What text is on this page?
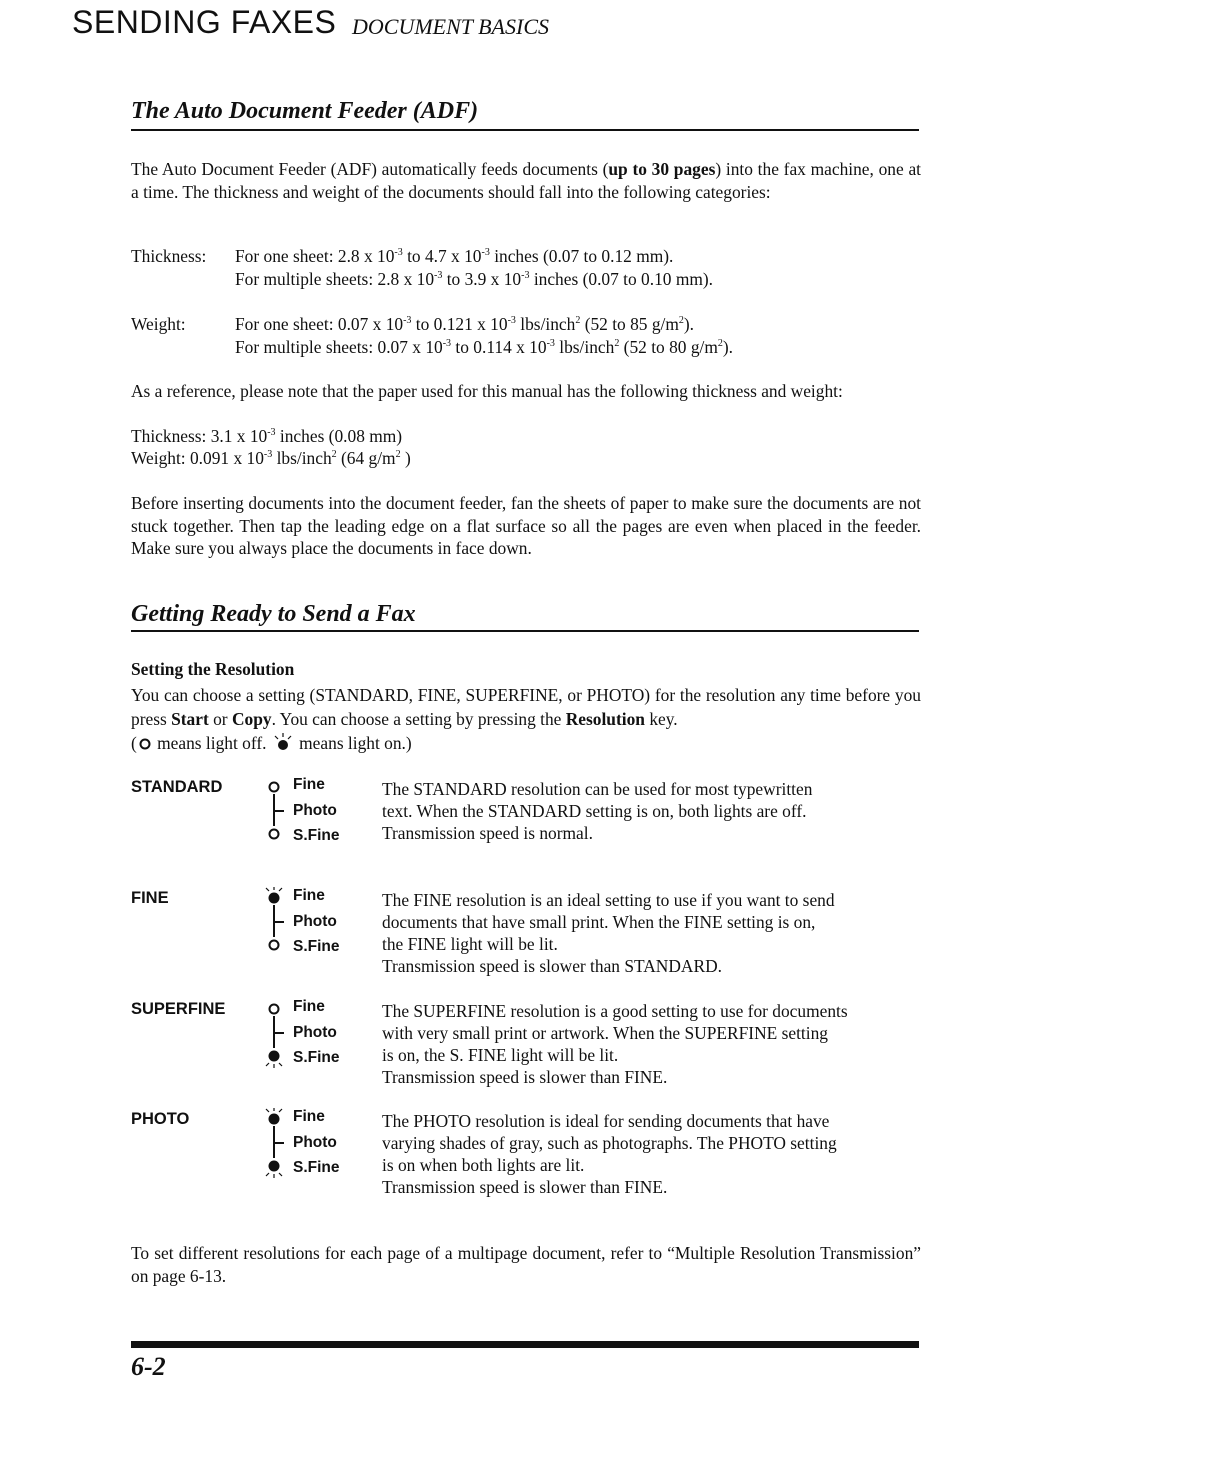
SENDING FAXES DOCUMENT BASICS
The Auto Document Feeder (ADF)
The Auto Document Feeder (ADF) automatically feeds documents (up to 30 pages) into the fax machine, one at a time. The thickness and weight of the documents should fall into the following categories:
Thickness: For one sheet: 2.8 x $10^{-3}$ to 4.7 x $10^{-3}$ inches (0.07 to 0.12 mm).
For multiple sheets: 2.8 x $10^{-3}$ to 3.9 x $10^{-3}$ inches (0.07 to 0.10 mm).
Weight:	For one sheet: 0.07 x $10^{-3}$ to 0.121 x $10^{-3}$ lbs/inch$^2$ (52 to 85 $g/m^2$).
For multiple sheets: 0.07 x $10^{-3}$ to 0.114 x $10^{-3}$ lbs/inch$^2$ (52 to 80 $g/m^2$).
As a reference, please note that the paper used for this manual has the following thickness and weight:
Thickness: 3.1 x $10^{-3}$ inches (0.08 mm)
Weight: 0.091 x $10^{-3}$ lbs/inch$^2$ (64 $g/m^2$ )
Before inserting documents into the document feeder, fan the sheets of paper to make sure the documents are not stuck together. Then tap the leading edge on a flat surface so all the pages are even when placed in the feeder. Make sure you always place the documents in face down.
Getting Ready to Send a Fax
Setting the Resolution
You can choose a setting (STANDARD, FINE, SUPERFINE, or PHOTO) for the resolution any time before you press Start or Copy. You can choose a setting by pressing the Resolution key.
( means light off.  means light on.)
STANDARD	Fine
Photo
S.Fine
The STANDARD resolution can be used for most typewritten
text. When the STANDARD setting is on, both lights are off.
Transmission speed is normal.
FINE	Fine
Photo
S.Fine
The FINE resolution is an ideal setting to use if you want to send
documents that have small print. When the FINE setting is on,
the FINE light will be lit.
Transmission speed is slower than STANDARD.
SUPERFINE	Fine
Photo
S.Fine
The SUPERFINE resolution is a good setting to use for documents
with very small print or artwork. When the SUPERFINE setting
is on, the S. FINE light will be lit.
Transmission speed is slower than FINE.
PHOTO	Fine
Photo
S.Fine
The PHOTO resolution is ideal for sending documents that have
varying shades of gray, such as photographs. The PHOTO setting
is on when both lights are lit.
Transmission speed is slower than FINE.
To set different resolutions for each page of a multipage document, refer to “Multiple Resolution Transmission” on page 6-13.
6-2
